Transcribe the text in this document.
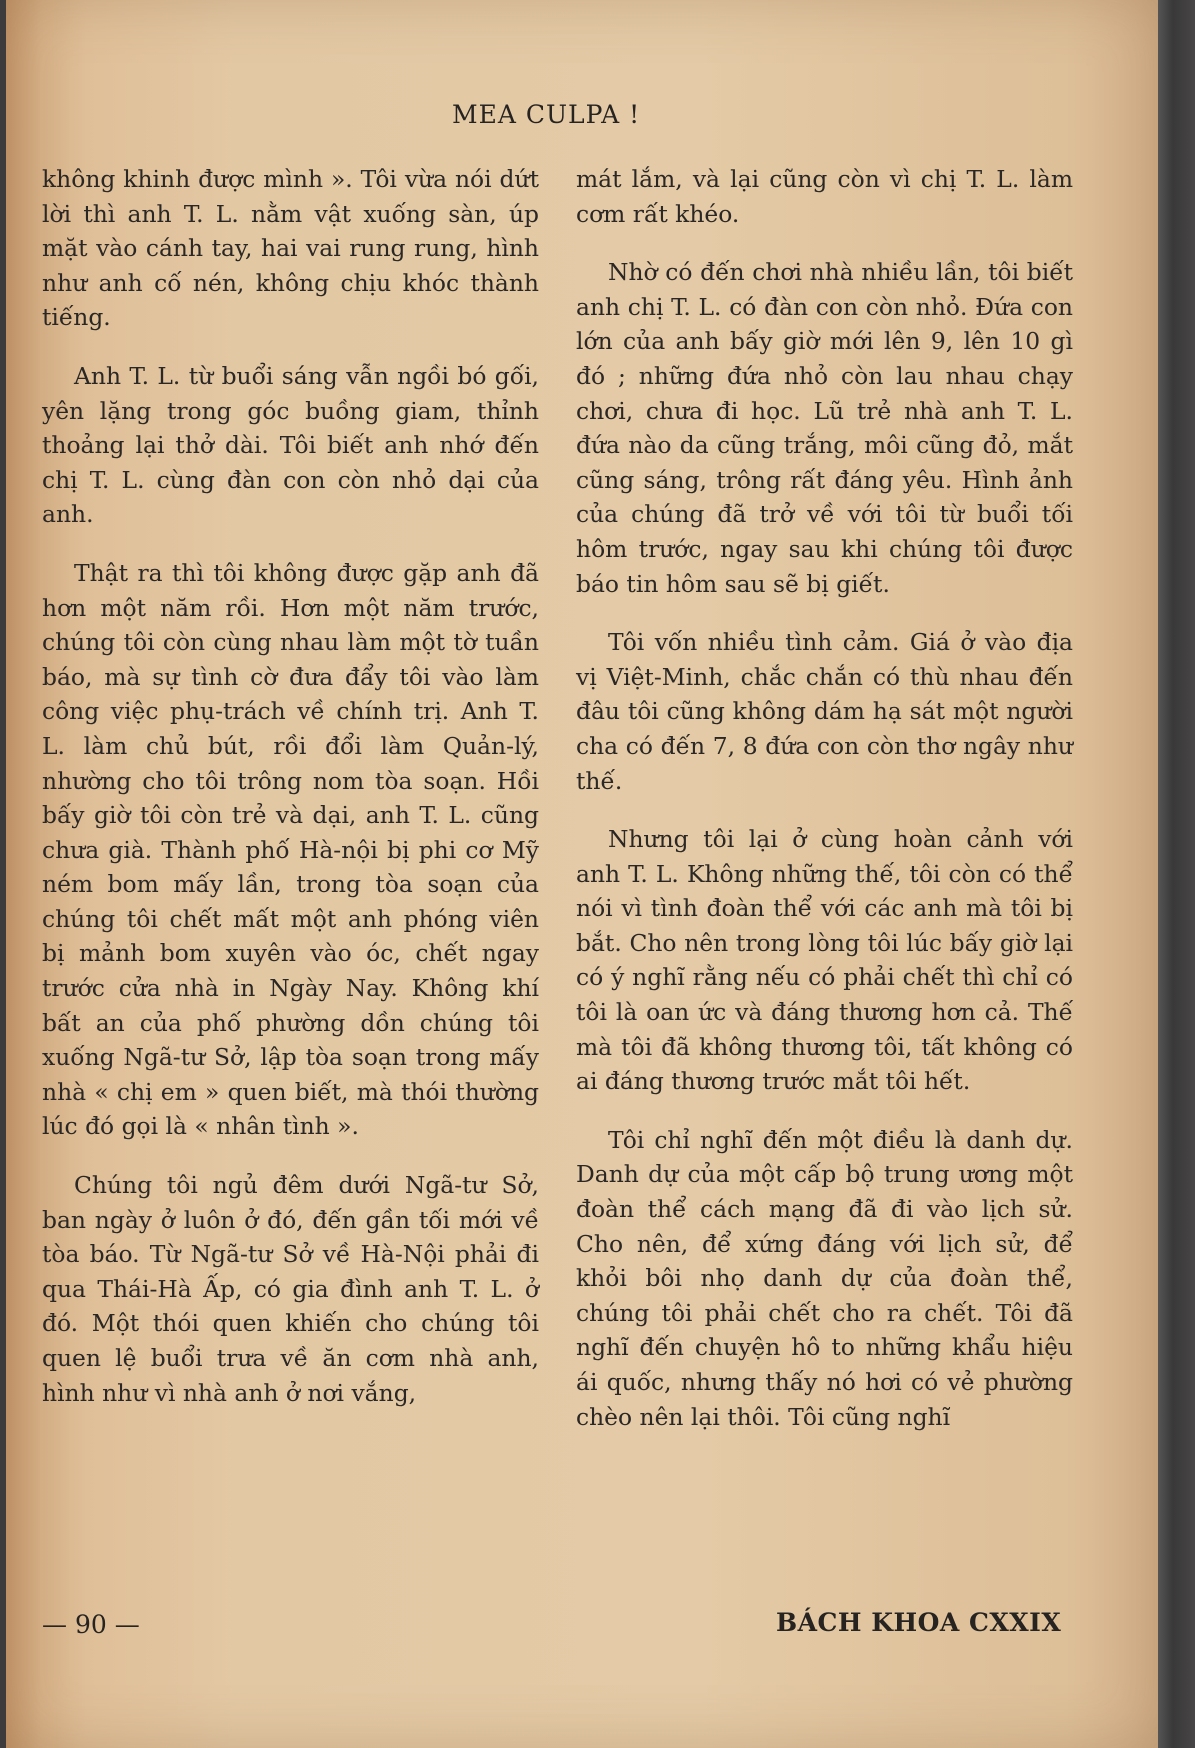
MEA CULPA !

không khinh được mình ». Tôi vừa nói dứt lời thì anh T. L. nằm vật xuống sàn, úp mặt vào cánh tay, hai vai rung rung, hình như anh cố nén, không chịu khóc thành tiếng.

Anh T. L. từ buổi sáng vẫn ngồi bó gối, yên lặng trong góc buồng giam, thỉnh thoảng lại thở dài. Tôi biết anh nhớ đến chị T. L. cùng đàn con còn nhỏ dại của anh.

Thật ra thì tôi không được gặp anh đã hơn một năm rồi. Hơn một năm trước, chúng tôi còn cùng nhau làm một tờ tuần báo, mà sự tình cờ đưa đẩy tôi vào làm công việc phụ-trách về chính trị. Anh T. L. làm chủ bút, rồi đổi làm Quản-lý, nhường cho tôi trông nom tòa soạn. Hồi bấy giờ tôi còn trẻ và dại, anh T. L. cũng chưa già. Thành phố Hà-nội bị phi cơ Mỹ ném bom mấy lần, trong tòa soạn của chúng tôi chết mất một anh phóng viên bị mảnh bom xuyên vào óc, chết ngay trước cửa nhà in Ngày Nay. Không khí bất an của phố phường dồn chúng tôi xuống Ngã-tư Sở, lập tòa soạn trong mấy nhà « chị em » quen biết, mà thói thường lúc đó gọi là « nhân tình ».

Chúng tôi ngủ đêm dưới Ngã-tư Sở, ban ngày ở luôn ở đó, đến gần tối mới về tòa báo. Từ Ngã-tư Sở về Hà-Nội phải đi qua Thái-Hà Ấp, có gia đình anh T. L. ở đó. Một thói quen khiến cho chúng tôi quen lệ buổi trưa về ăn cơm nhà anh, hình như vì nhà anh ở nơi vắng,

mát lắm, và lại cũng còn vì chị T. L. làm cơm rất khéo.

Nhờ có đến chơi nhà nhiều lần, tôi biết anh chị T. L. có đàn con còn nhỏ. Đứa con lớn của anh bấy giờ mới lên 9, lên 10 gì đó ; những đứa nhỏ còn lau nhau chạy chơi, chưa đi học. Lũ trẻ nhà anh T. L. đứa nào da cũng trắng, môi cũng đỏ, mắt cũng sáng, trông rất đáng yêu. Hình ảnh của chúng đã trở về với tôi từ buổi tối hôm trước, ngay sau khi chúng tôi được báo tin hôm sau sẽ bị giết.

Tôi vốn nhiều tình cảm. Giá ở vào địa vị Việt-Minh, chắc chắn có thù nhau đến đâu tôi cũng không dám hạ sát một người cha có đến 7, 8 đứa con còn thơ ngây như thế.

Nhưng tôi lại ở cùng hoàn cảnh với anh T. L. Không những thế, tôi còn có thể nói vì tình đoàn thể với các anh mà tôi bị bắt. Cho nên trong lòng tôi lúc bấy giờ lại có ý nghĩ rằng nếu có phải chết thì chỉ có tôi là oan ức và đáng thương hơn cả. Thế mà tôi đã không thương tôi, tất không có ai đáng thương trước mắt tôi hết.

Tôi chỉ nghĩ đến một điều là danh dự. Danh dự của một cấp bộ trung ương một đoàn thể cách mạng đã đi vào lịch sử. Cho nên, để xứng đáng với lịch sử, để khỏi bôi nhọ danh dự của đoàn thể, chúng tôi phải chết cho ra chết. Tôi đã nghĩ đến chuyện hô to những khẩu hiệu ái quốc, nhưng thấy nó hơi có vẻ phường chèo nên lại thôi. Tôi cũng nghĩ

— 90 —	BÁCH KHOA CXXIX
